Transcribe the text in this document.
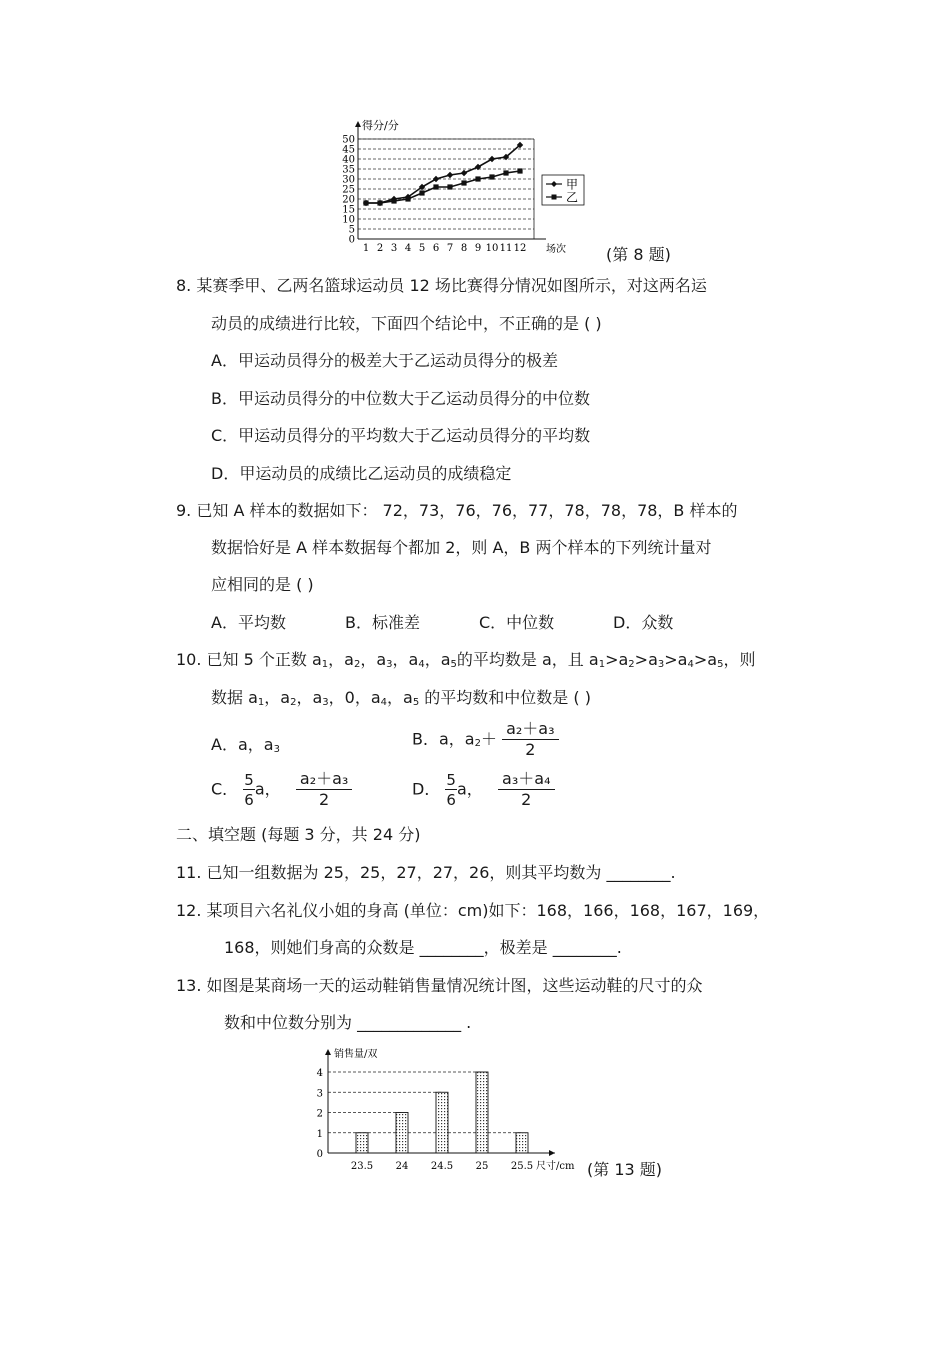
0
5
10
15
20
25
30
35
40
45
50
得分/分
场次
1 2 3 4 5 6 7 8 9 10 11 12
甲
乙
(第 8 题)
8. 某赛季甲、乙两名篮球运动员 12 场比赛得分情况如图所示，对这两名运
动员的成绩进行比较，下面四个结论中，不正确的是 ( )
A．甲运动员得分的极差大于乙运动员得分的极差
B．甲运动员得分的中位数大于乙运动员得分的中位数
C．甲运动员得分的平均数大于乙运动员得分的平均数
D．甲运动员的成绩比乙运动员的成绩稳定
9. 已知 A 样本的数据如下： 72，73，76，76，77，78，78，78，B 样本的
数据恰好是 A 样本数据每个都加 2，则 A，B 两个样本的下列统计量对
应相同的是 ( )
A．平均数	B．标准差	C．中位数	D．众数
10. 已知 5 个正数 $a_1$，$a_2$，$a_3$，$a_4$，$a_5$的平均数是 a，且 $a_1>a_2>a_3>a_4>a_5$，则
数据 $a_1$，$a_2$，$a_3$，0，$a_4$，$a_5$ 的平均数和中位数是 ( )
A．a，$a_3$
B．a，$a_2+ \frac{\text{a₂＋a₃}}{2}$
C． $\frac{5}{6}$ a， $\frac{\text{a₂＋a₃}}{2}$	D． $\frac{5}{6}$ a， $\frac{\text{a₃＋a₄}}{2}$
二、填空题 (每题 3 分，共 24 分)
11. 已知一组数据为 25，25，27，27，26，则其平均数为 ________.
12. 某项目六名礼仪小姐的身高 (单位：cm)如下：168，166，168，167，169，
168，则她们身高的众数是 ________，极差是 ________.
13. 如图是某商场一天的运动鞋销售量情况统计图，这些运动鞋的尺寸的众
数和中位数分别为 _____________ .
0
1
2
3
4
23.5 24 24.5 25 25.5
销售量/双
尺寸/cm (第 13 题)
